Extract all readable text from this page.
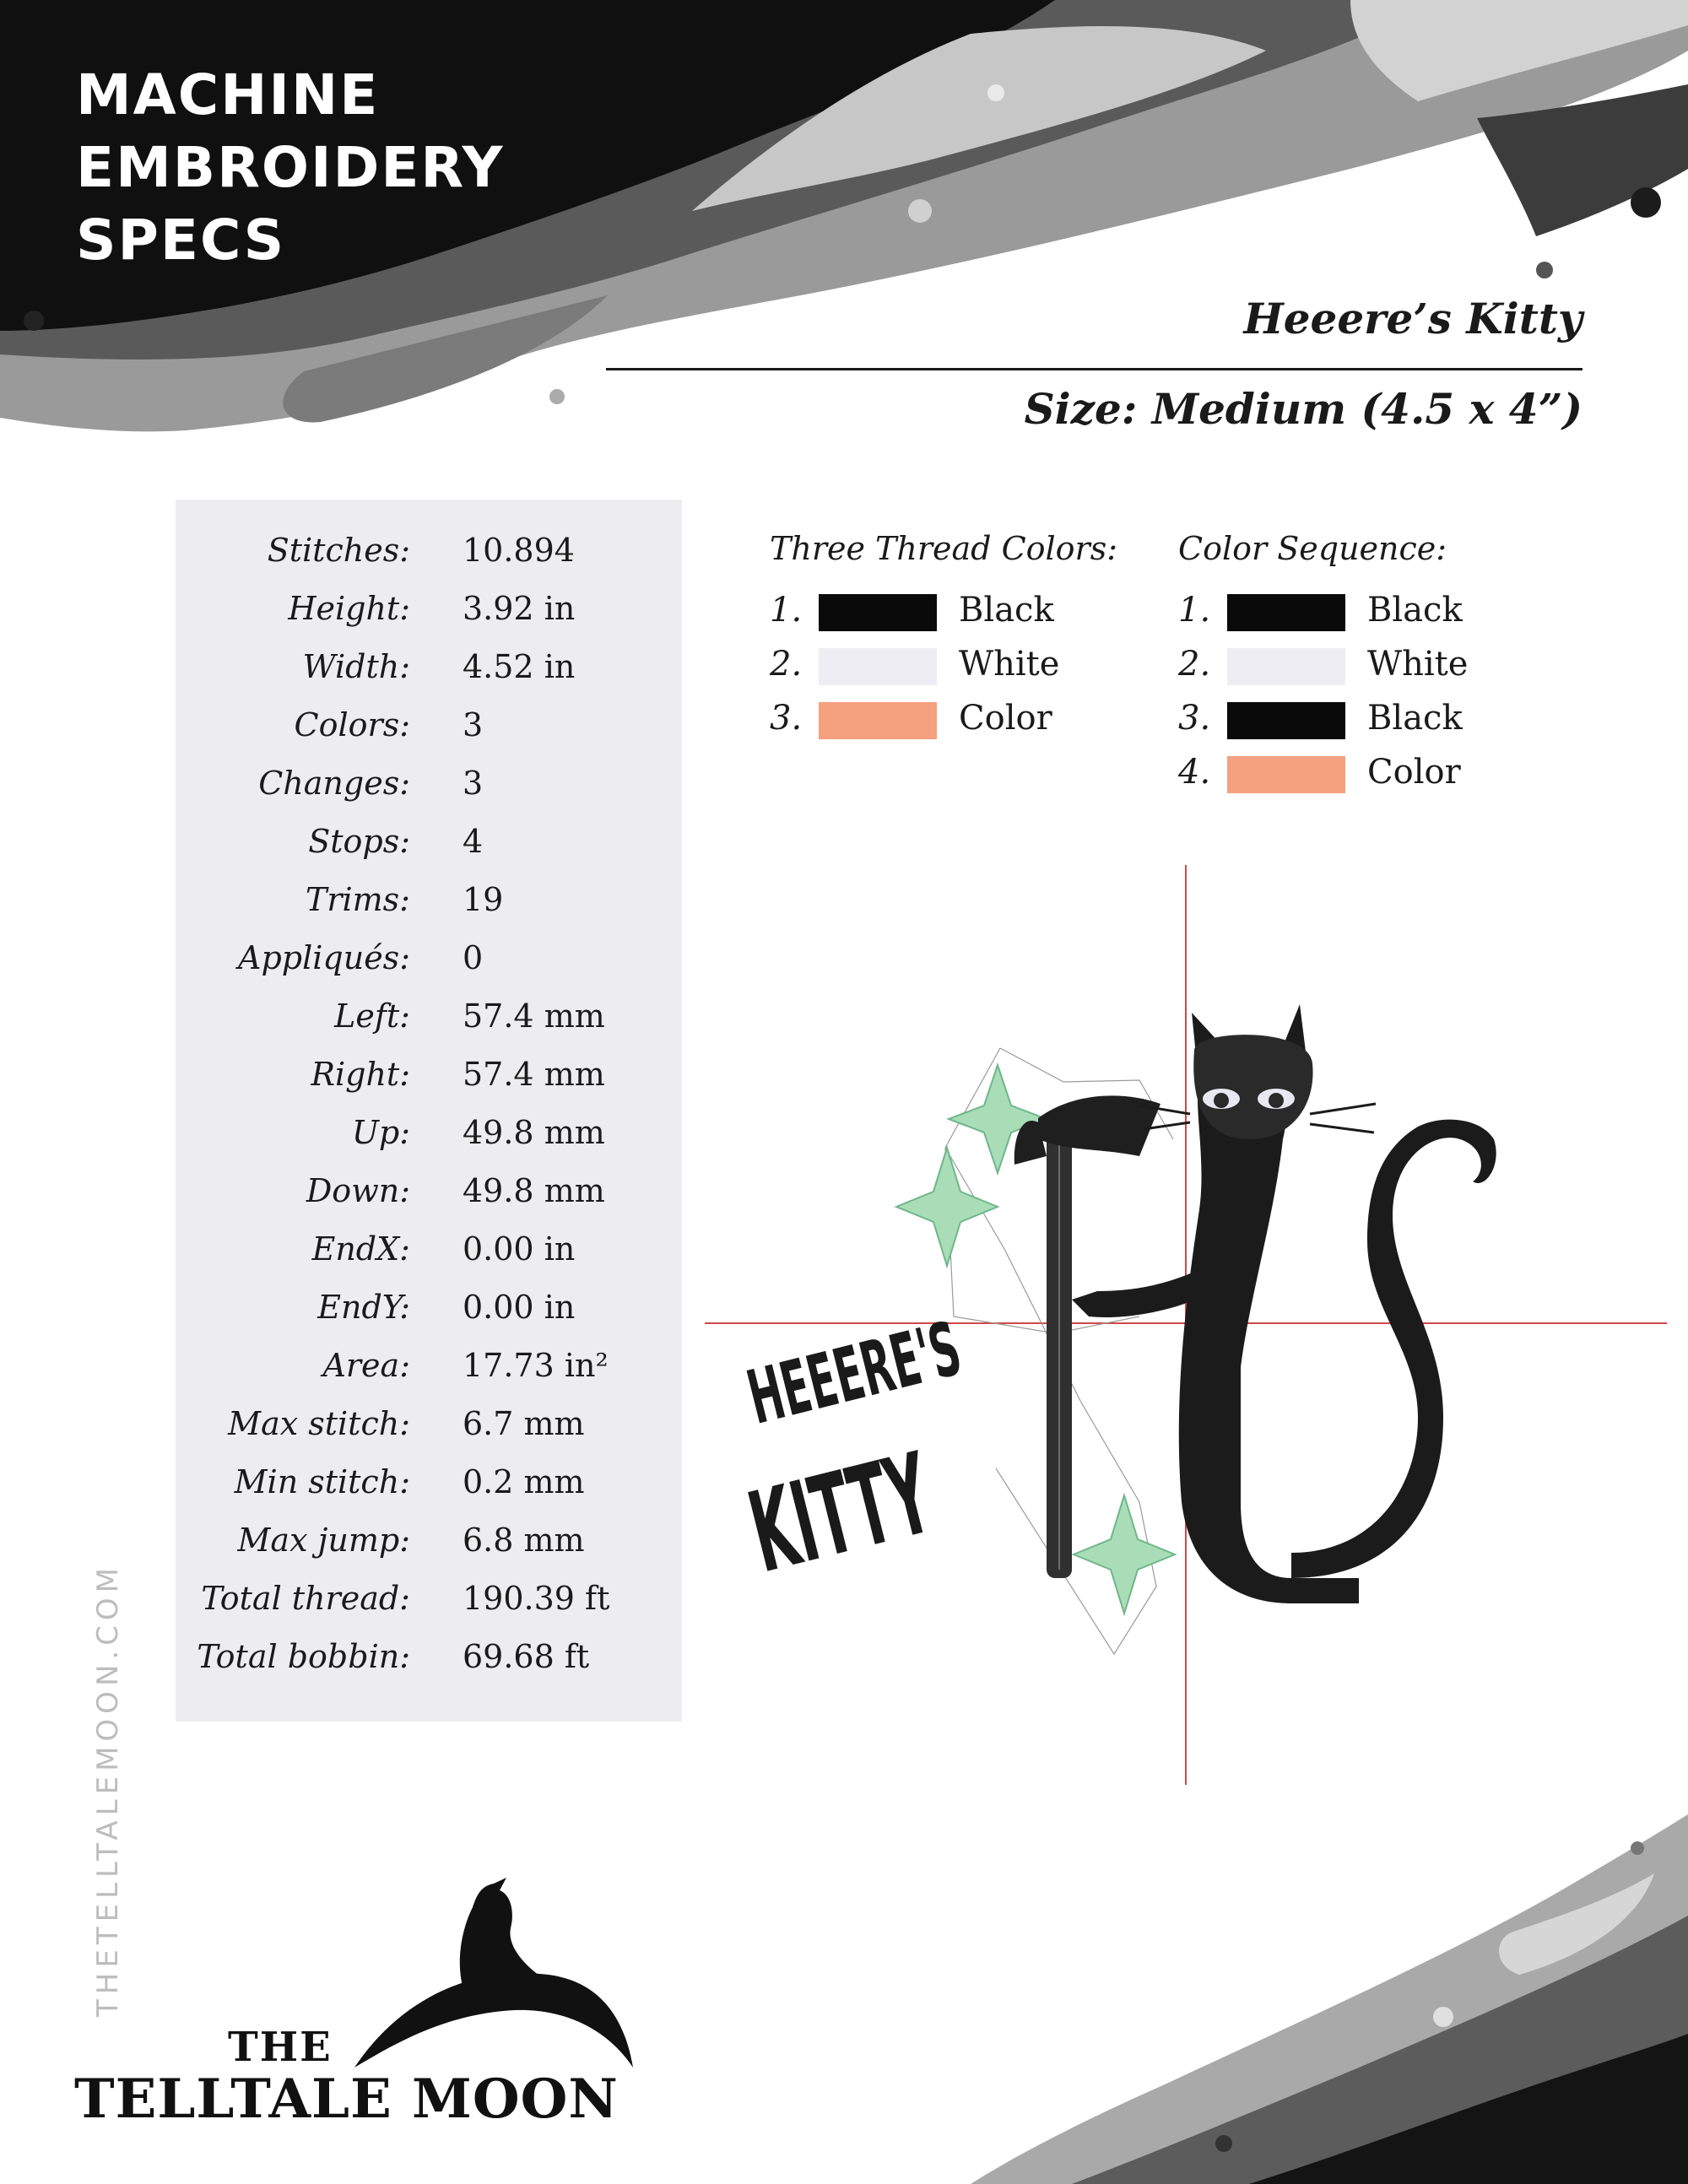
MACHINE
EMBROIDERY
SPECS
Heeere’s Kitty
Size: Medium (4.5 x 4”)
Stitches: 10.894
Height: 3.92 in
Width: 4.52 in
Colors: 3
Changes: 3
Stops: 4
Trims: 19
Appliqués: 0
Left: 57.4 mm
Right: 57.4 mm
Up: 49.8 mm
Down: 49.8 mm
EndX: 0.00 in
EndY: 0.00 in
Area: 17.73 in²
Max stitch: 6.7 mm
Min stitch: 0.2 mm
Max jump: 6.8 mm
Total thread: 190.39 ft
Total bobbin: 69.68 ft
Three Thread Colors:
1.	Black
2.	White
3.	Color
Color Sequence:
1.	Black
2.	White
3.	Black
4.	Color
HEEERE'S
KITTY
THETELLTALEMOON.COM
THE
TELLTALE MOON
